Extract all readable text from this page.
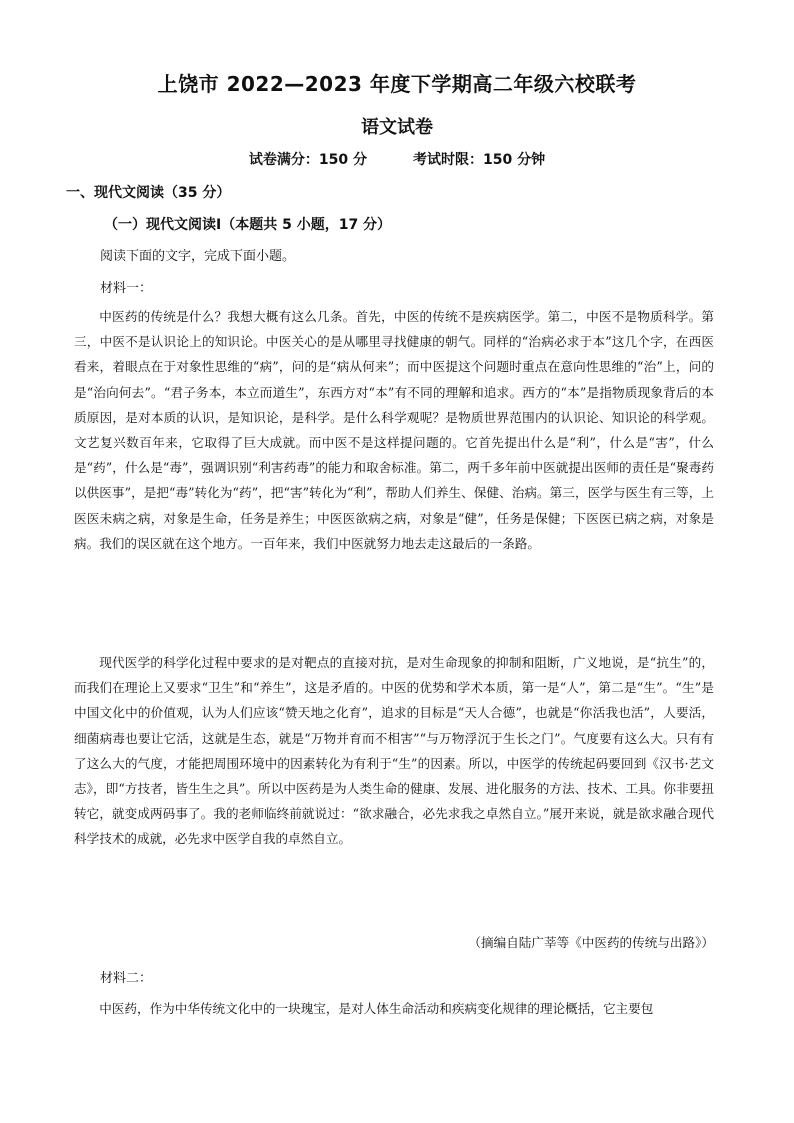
上饶市 2022—2023 年度下学期高二年级六校联考
语文试卷
试卷满分：150 分	考试时限：150 分钟
一、现代文阅读（35 分）
（一）现代文阅读Ⅰ（本题共 5 小题，17 分）
阅读下面的文字，完成下面小题。
材料一：

中医药的传统是什么？我想大概有这么几条。首先，中医的传统不是疾病医学。第二，中医不是物质科学。第三，中医不是认识论上的知识论。中医关心的是从哪里寻找健康的朝气。同样的“治病必求于本”这几个字，在西医看来，着眼点在于对象性思维的“病”，问的是“病从何来”；而中医提这个问题时重点在意向性思维的“治”上，问的是“治向何去”。“君子务本，本立而道生”，东西方对“本”有不同的理解和追求。西方的“本”是指物质现象背后的本质原因，是对本质的认识，是知识论，是科学。是什么科学观呢？是物质世界范围内的认识论、知识论的科学观。文艺复兴数百年来，它取得了巨大成就。而中医不是这样提问题的。它首先提出什么是“利”，什么是“害”，什么是“药”，什么是“毒”，强调识别“利害药毒”的能力和取舍标准。第二，两千多年前中医就提出医师的责任是“聚毒药以供医事”，是把“毒”转化为“药”，把“害”转化为“利”，帮助人们养生、保健、治病。第三，医学与医生有三等，上医医未病之病，对象是生命，任务是养生；中医医欲病之病，对象是“健”，任务是保健；下医医已病之病，对象是病。我们的误区就在这个地方。一百年来，我们中医就努力地去走这最后的一条路。

现代医学的科学化过程中要求的是对靶点的直接对抗，是对生命现象的抑制和阻断，广义地说，是“抗生”的，而我们在理论上又要求“卫生”和“养生”，这是矛盾的。中医的优势和学术本质，第一是“人”，第二是“生”。“生”是中国文化中的价值观，认为人们应该“赞天地之化育”，追求的目标是“天人合德”，也就是“你活我也活”，人要活，细菌病毒也要让它活，这就是生态，就是“万物并育而不相害”“与万物浮沉于生长之门”。气度要有这么大。只有有了这么大的气度，才能把周围环境中的因素转化为有利于“生”的因素。所以，中医学的传统起码要回到《汉书·艺文志》，即“方技者，皆生生之具”。所以中医药是为人类生命的健康、发展、进化服务的方法、技术、工具。你非要扭转它，就变成两码事了。我的老师临终前就说过：“欲求融合，必先求我之卓然自立。”展开来说，就是欲求融合现代科学技术的成就，必先求中医学自我的卓然自立。

（摘编自陆广莘等《中医药的传统与出路》）
材料二：

中医药，作为中华传统文化中的一块瑰宝，是对人体生命活动和疾病变化规律的理论概括，它主要包
